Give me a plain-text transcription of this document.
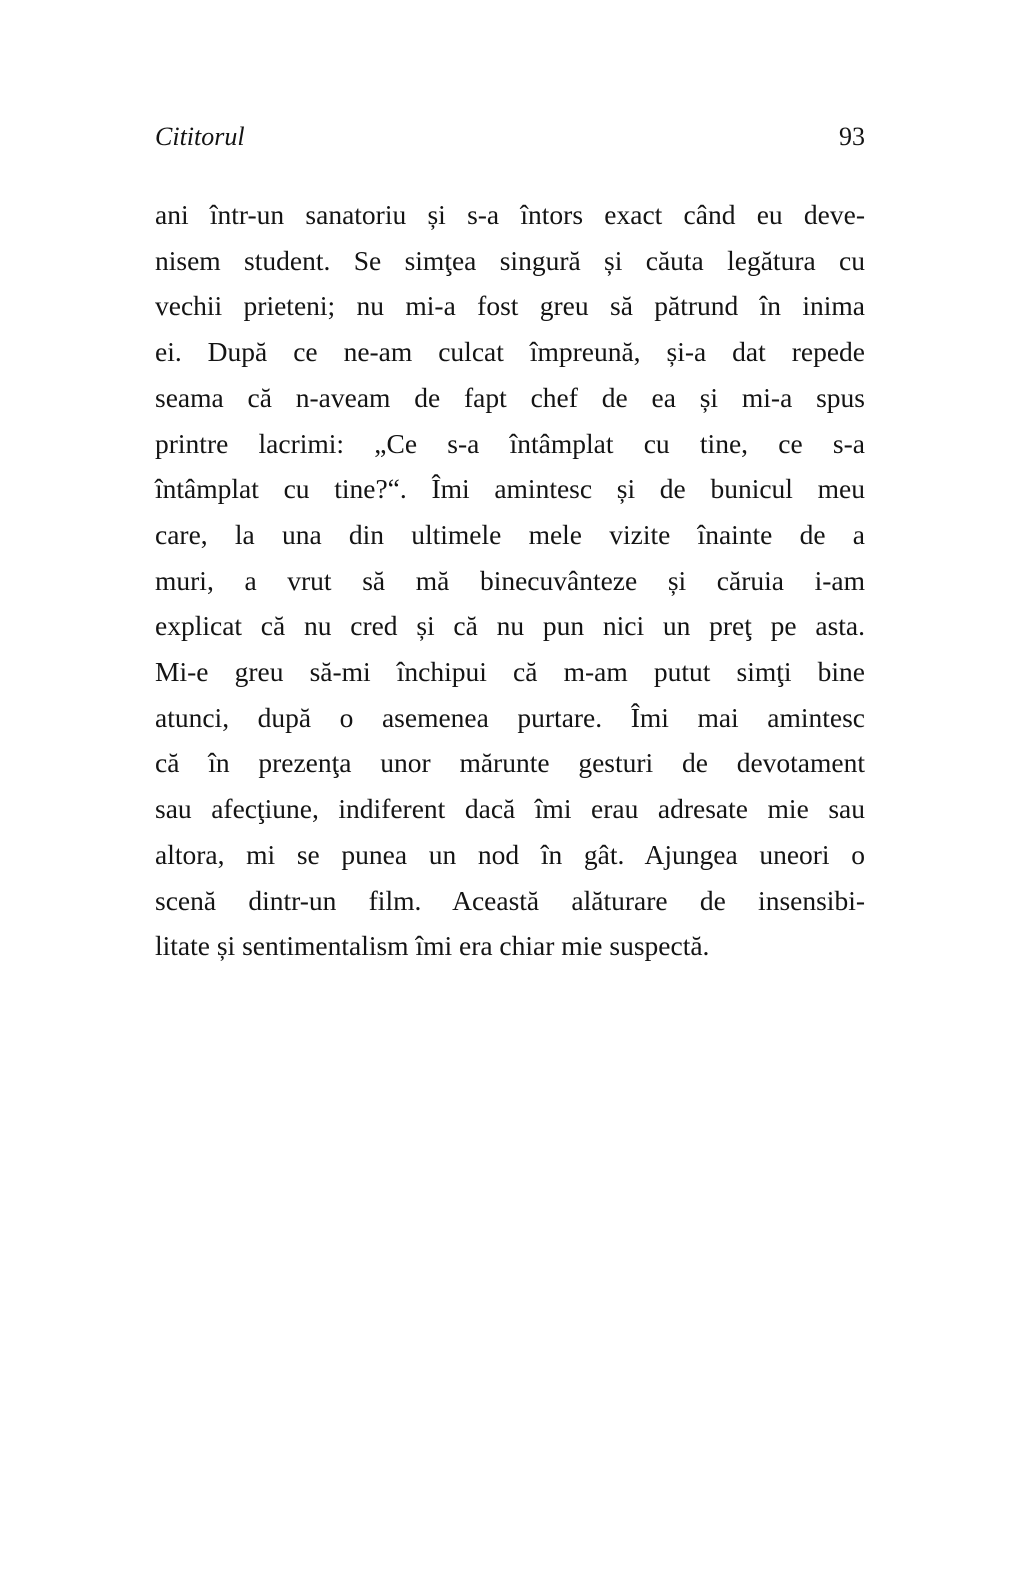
Cititorul	93
ani într-un sanatoriu și s-a întors exact când eu deve-
nisem student. Se simţea singură și căuta legătura cu
vechii prieteni; nu mi-a fost greu să pătrund în inima
ei. După ce ne-am culcat împreună, și-a dat repede
seama că n-aveam de fapt chef de ea și mi-a spus
printre lacrimi: „Ce s-a întâmplat cu tine, ce s-a
întâmplat cu tine?“. Îmi amintesc și de bunicul meu
care, la una din ultimele mele vizite înainte de a
muri, a vrut să mă binecuvânteze și căruia i-am
explicat că nu cred și că nu pun nici un preţ pe asta.
Mi-e greu să-mi închipui că m-am putut simţi bine
atunci, după o asemenea purtare. Îmi mai amintesc
că în prezenţa unor mărunte gesturi de devotament
sau afecţiune, indiferent dacă îmi erau adresate mie sau
altora, mi se punea un nod în gât. Ajungea uneori o
scenă dintr-un film. Această alăturare de insensibi-
litate și sentimentalism îmi era chiar mie suspectă.
